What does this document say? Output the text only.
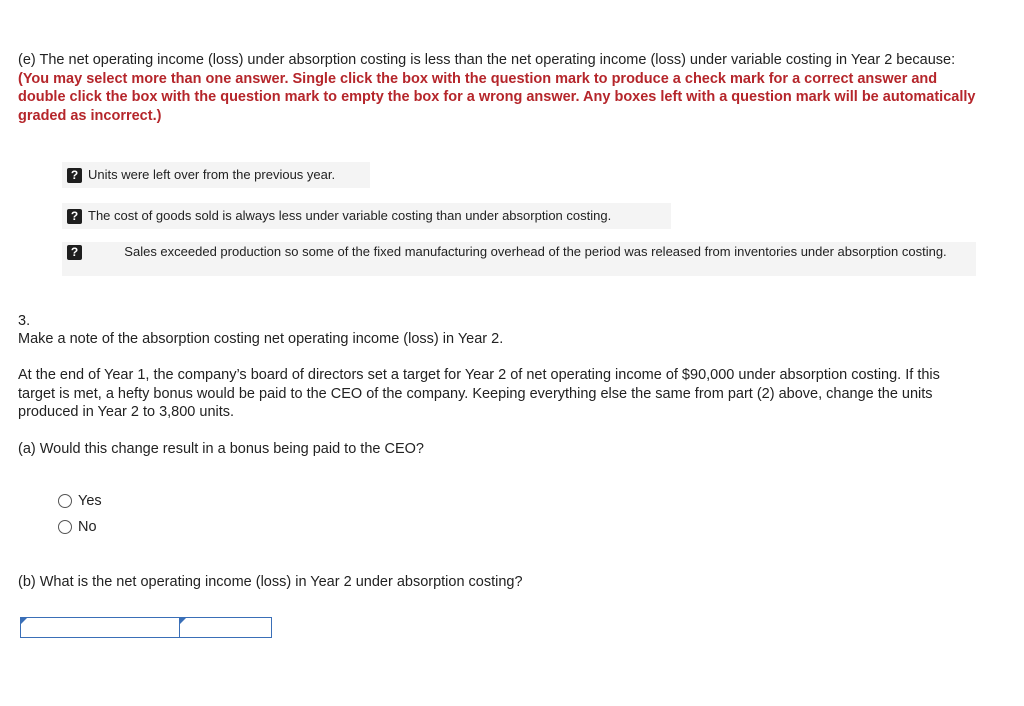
(e) The net operating income (loss) under absorption costing is less than the net operating income (loss) under variable costing in Year 2 because: (You may select more than one answer. Single click the box with the question mark to produce a check mark for a correct answer and double click the box with the question mark to empty the box for a wrong answer. Any boxes left with a question mark will be automatically graded as incorrect.)
? Units were left over from the previous year.
? The cost of goods sold is always less under variable costing than under absorption costing.
?	Sales exceeded production so some of the fixed manufacturing overhead of the period was released from inventories under absorption costing.
3.
Make a note of the absorption costing net operating income (loss) in Year 2.
At the end of Year 1, the company’s board of directors set a target for Year 2 of net operating income of $90,000 under absorption costing. If this target is met, a hefty bonus would be paid to the CEO of the company. Keeping everything else the same from part (2) above, change the units produced in Year 2 to 3,800 units.
(a) Would this change result in a bonus being paid to the CEO?
Yes
No
(b) What is the net operating income (loss) in Year 2 under absorption costing?
